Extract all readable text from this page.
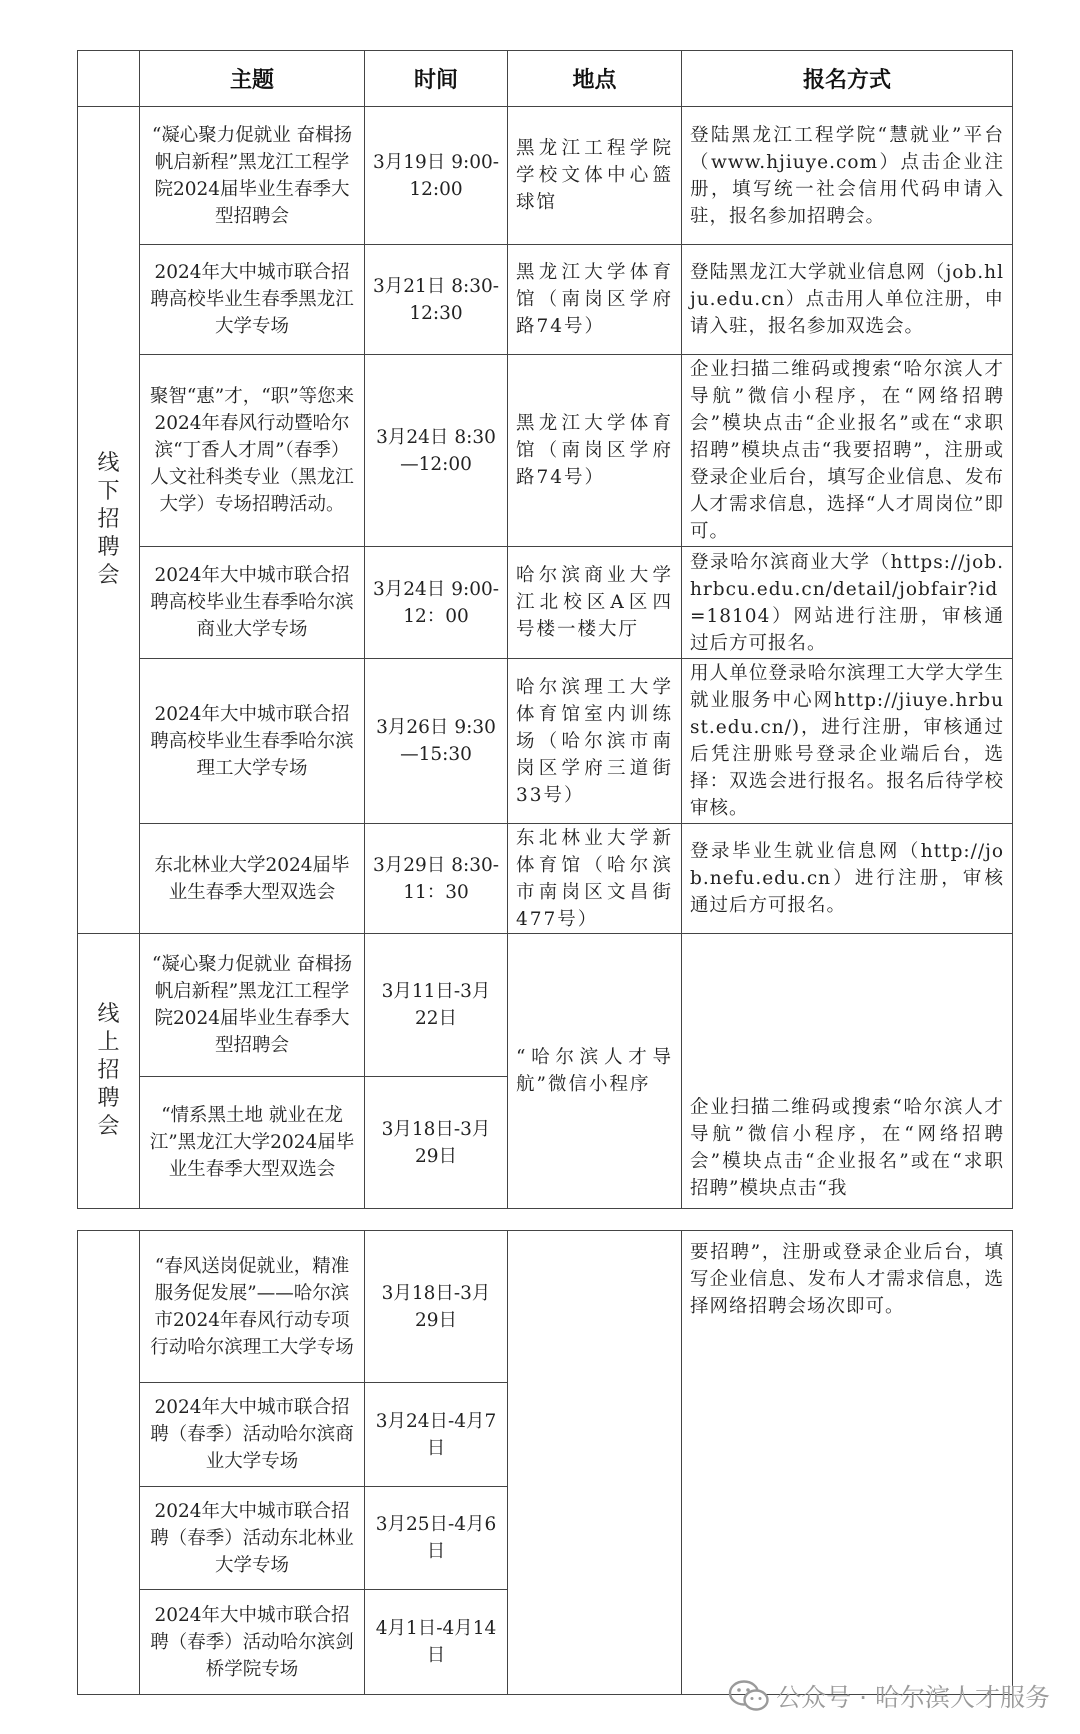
	主题	时间	地点	报名方式

线
下
招
聘
会	“凝心聚力促就业 奋楫扬帆启新程”黑龙江工程学院2024届毕业生春季大型招聘会	3月19日 9:00-12:00	黑龙江工程学院学校文体中心篮球馆	登陆黑龙江工程学院“慧就业”平台（www.hjiuye.com）点击企业注册，填写统一社会信用代码申请入驻，报名参加招聘会。
	2024年大中城市联合招聘高校毕业生春季黑龙江大学专场	3月21日 8:30-12:30	黑龙江大学体育馆（南岗区学府路74号）	登陆黑龙江大学就业信息网（job.hlju.edu.cn）点击用人单位注册，申请入驻，报名参加双选会。
	聚智“惠”才，“职”等您来2024年春风行动暨哈尔滨“丁香人才周”（春季）人文社科类专业（黑龙江大学）专场招聘活动。	3月24日 8:30—12:00	黑龙江大学体育馆（南岗区学府路74号）	企业扫描二维码或搜索“哈尔滨人才导航”微信小程序，在“网络招聘会”模块点击“企业报名”或在“求职招聘”模块点击“我要招聘”，注册或登录企业后台，填写企业信息、发布人才需求信息，选择“人才周岗位”即可。
	2024年大中城市联合招聘高校毕业生春季哈尔滨商业大学专场	3月24日 9:00-12：00	哈尔滨商业大学江北校区A区四号楼一楼大厅	登录哈尔滨商业大学（https://job.hrbcu.edu.cn/detail/jobfair?id=18104）网站进行注册，审核通过后方可报名。
	2024年大中城市联合招聘高校毕业生春季哈尔滨理工大学专场	3月26日 9:30—15:30	哈尔滨理工大学体育馆室内训练场（哈尔滨市南岗区学府三道街33号）	用人单位登录哈尔滨理工大学大学生就业服务中心网http://jiuye.hrbust.edu.cn/)，进行注册，审核通过后凭注册账号登录企业端后台，选择：双选会进行报名。报名后待学校审核。
	东北林业大学2024届毕业生春季大型双选会	3月29日 8:30-11：30	东北林业大学新体育馆（哈尔滨市南岗区文昌街477号）	登录毕业生就业信息网（http://job.nefu.edu.cn）进行注册，审核通过后方可报名。

线
上
招
聘
会	“凝心聚力促就业 奋楫扬帆启新程”黑龙江工程学院2024届毕业生春季大型招聘会	3月11日-3月22日	“哈尔滨人才导航”微信小程序	企业扫描二维码或搜索“哈尔滨人才导航”微信小程序，在“网络招聘会”模块点击“企业报名”或在“求职招聘”模块点击“我
	“情系黑土地 就业在龙江”黑龙江大学2024届毕业生春季大型双选会	3月18日-3月29日		
	“春风送岗促就业，精准服务促发展”——哈尔滨市2024年春风行动专项行动哈尔滨理工大学专场	3月18日-3月29日		要招聘”，注册或登录企业后台，填写企业信息、发布人才需求信息，选择网络招聘会场次即可。
	2024年大中城市联合招聘（春季）活动哈尔滨商业大学专场	3月24日-4月7日		
	2024年大中城市联合招聘（春季）活动东北林业大学专场	3月25日-4月6日		
	2024年大中城市联合招聘（春季）活动哈尔滨剑桥学院专场	4月1日-4月14日		
公众号 · 哈尔滨人才服务
